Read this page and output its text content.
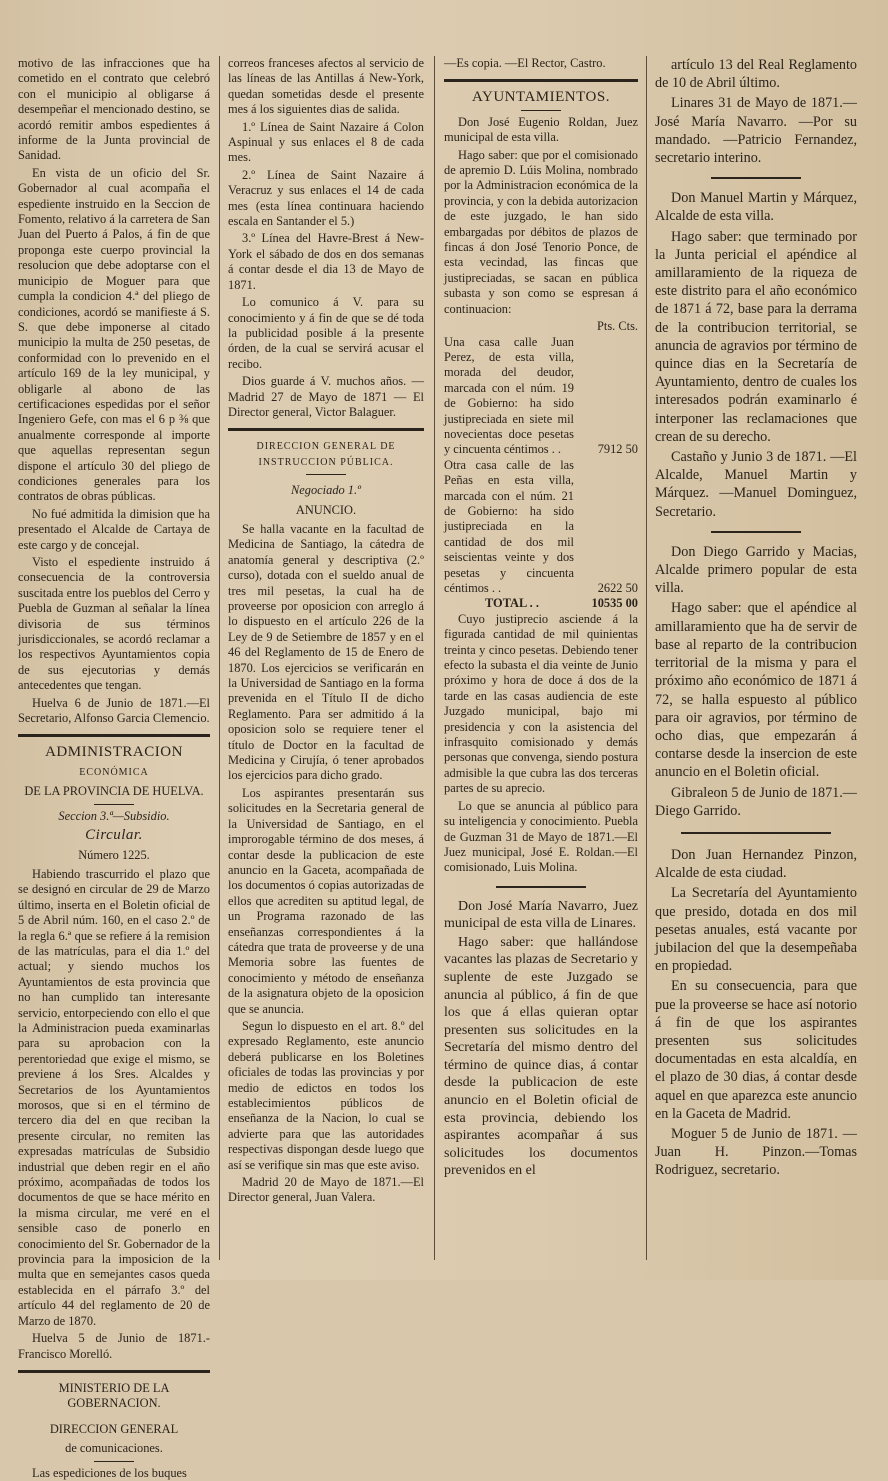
motivo de las infracciones que ha cometido en el contrato que celebró con el municipio al obligarse á desempeñar el mencionado destino, se acordó remitir ambos espedientes á informe de la Junta provincial de Sanidad.

En vista de un oficio del Sr. Gobernador al cual acompaña el espediente instruido en la Seccion de Fomento, relativo á la carretera de San Juan del Puerto á Palos, á fin de que proponga este cuerpo provincial la resolucion que debe adoptarse con el municipio de Moguer para que cumpla la condicion 4.ª del pliego de condiciones, acordó se manifieste á S. S. que debe imponerse al citado municipio la multa de 250 pesetas, de conformidad con lo prevenido en el artículo 169 de la ley municipal, y obligarle al abono de las certificaciones espedidas por el señor Ingeniero Gefe, con mas el 6 p ⅜ que anualmente corresponde al importe que aquellas representan segun dispone el artículo 30 del pliego de condiciones generales para los contratos de obras públicas.

No fué admitida la dimision que ha presentado el Alcalde de Cartaya de este cargo y de concejal.

Visto el espediente instruido á consecuencia de la controversia suscitada entre los pueblos del Cerro y Puebla de Guzman al señalar la línea divisoria de sus términos jurisdiccionales, se acordó reclamar a los respectivos Ayuntamientos copia de sus ejecutorias y demás antecedentes que tengan.

Huelva 6 de Junio de 1871.—El Secretario, Alfonso Garcia Clemencio.

ADMINISTRACION
ECONÓMICA
DE LA PROVINCIA DE HUELVA.
Seccion 3.ª—Subsidio.
Circular.
Número 1225.

Habiendo trascurrido el plazo que se designó en circular de 29 de Marzo último, inserta en el Boletin oficial de 5 de Abril núm. 160, en el caso 2.º de la regla 6.ª que se refiere á la remision de las matrículas, para el dia 1.º del actual; y siendo muchos los Ayuntamientos de esta provincia que no han cumplido tan interesante servicio, entorpeciendo con ello el que la Administracion pueda examinarlas para su aprobacion con la perentoriedad que exige el mismo, se previene á los Sres. Alcaldes y Secretarios de los Ayuntamientos morosos, que si en el término de tercero dia del en que reciban la presente circular, no remiten las expresadas matrículas de Subsidio industrial que deben regir en el año próximo, acompañadas de todos los documentos de que se hace mérito en la misma circular, me veré en el sensible caso de ponerlo en conocimiento del Sr. Gobernador de la provincia para la imposicion de la multa que en semejantes casos queda establecida en el párrafo 3.º del artículo 44 del reglamento de 20 de Marzo de 1870.

Huelva 5 de Junio de 1871.-Francisco Morelló.

MINISTERIO DE LA GOBERNACION.
DIRECCION GENERAL
de comunicaciones.

Las espediciones de los buques

correos franceses afectos al servicio de las líneas de las Antillas á New-York, quedan sometidas desde el presente mes á los siguientes dias de salida.

1.º Línea de Saint Nazaire á Colon Aspinual y sus enlaces el 8 de cada mes.

2.º Línea de Saint Nazaire á Veracruz y sus enlaces el 14 de cada mes (esta línea continuara haciendo escala en Santander el 5.)

3.º Línea del Havre-Brest á New-York el sábado de dos en dos semanas á contar desde el dia 13 de Mayo de 1871.

Lo comunico á V. para su conocimiento y á fin de que se dé toda la publicidad posible á la presente órden, de la cual se servirá acusar el recibo.

Dios guarde á V. muchos años. —Madrid 27 de Mayo de 1871 — El Director general, Victor Balaguer.

DIRECCION GENERAL DE INSTRUCCION PÚBLICA.
Negociado 1.º
ANUNCIO.

Se halla vacante en la facultad de Medicina de Santiago, la cátedra de anatomía general y descriptiva (2.º curso), dotada con el sueldo anual de tres mil pesetas, la cual ha de proveerse por oposicion con arreglo á lo dispuesto en el artículo 226 de la Ley de 9 de Setiembre de 1857 y en el 46 del Reglamento de 15 de Enero de 1870. Los ejercicios se verificarán en la Universidad de Santiago en la forma prevenida en el Título II de dicho Reglamento. Para ser admitido á la oposicion solo se requiere tener el título de Doctor en la facultad de Medicina y Cirujía, ó tener aprobados los ejercicios para dicho grado.

Los aspirantes presentarán sus solicitudes en la Secretaria general de la Universidad de Santiago, en el improrogable término de dos meses, á contar desde la publicacion de este anuncio en la Gaceta, acompañada de los documentos ó copias autorizadas de ellos que acrediten su aptitud legal, de un Programa razonado de las enseñanzas correspondientes á la cátedra que trata de proveerse y de una Memoria sobre las fuentes de conocimiento y método de enseñanza de la asignatura objeto de la oposicion que se anuncia.

Segun lo dispuesto en el art. 8.º del expresado Reglamento, este anuncio deberá publicarse en los Boletines oficiales de todas las provincias y por medio de edictos en todos los establecimientos públicos de enseñanza de la Nacion, lo cual se advierte para que las autoridades respectivas dispongan desde luego que así se verifique sin mas que este aviso.

Madrid 20 de Mayo de 1871.—El Director general, Juan Valera.

—Es copia. —El Rector, Castro.

AYUNTAMIENTOS.

Don José Eugenio Roldan, Juez municipal de esta villa.

Hago saber: que por el comisionado de apremio D. Lúis Molina, nombrado por la Administracion económica de la provincia, y con la debida autorizacion de este juzgado, le han sido embargadas por débitos de plazos de fincas á don José Tenorio Ponce, de esta vecindad, las fincas que justipreciadas, se sacan en pública subasta y son como se espresan á continuacion:

	Pts. Cts.
Una casa calle Juan Perez, de esta villa, morada del deudor, marcada con el núm. 19 de Gobierno: ha sido justipreciada en siete mil novecientas doce pesetas y cincuenta céntimos . .	7912 50
Otra casa calle de las Peñas en esta villa, marcada con el núm. 21 de Gobierno: ha sido justipreciada en la cantidad de dos mil seiscientas veinte y dos pesetas y cincuenta céntimos . .	2622 50
TOTAL . .	10535 00

Cuyo justiprecio asciende á la figurada cantidad de mil quinientas treinta y cinco pesetas. Debiendo tener efecto la subasta el dia veinte de Junio próximo y hora de doce á dos de la tarde en las casas audiencia de este Juzgado municipal, bajo mi presidencia y con la asistencia del infrasquito comisionado y demás personas que convenga, siendo postura admisible la que cubra las dos terceras partes de su aprecio.

Lo que se anuncia al público para su inteligencia y conocimiento. Puebla de Guzman 31 de Mayo de 1871.—El Juez municipal, José E. Roldan.—El comisionado, Luis Molina.

Don José María Navarro, Juez municipal de esta villa de Linares.

Hago saber: que hallándose vacantes las plazas de Secretario y suplente de este Juzgado se anuncia al público, á fin de que los que á ellas quieran optar presenten sus solicitudes en la Secretaría del mismo dentro del término de quince dias, á contar desde la publicacion de este anuncio en el Boletin oficial de esta provincia, debiendo los aspirantes acompañar á sus solicitudes los documentos prevenidos en el

artículo 13 del Real Reglamento de 10 de Abril último.

Linares 31 de Mayo de 1871.—José María Navarro. —Por su mandado. —Patricio Fernandez, secretario interino.

Don Manuel Martin y Márquez, Alcalde de esta villa.

Hago saber: que terminado por la Junta pericial el apéndice al amillaramiento de la riqueza de este distrito para el año económico de 1871 á 72, base para la derrama de la contribucion territorial, se anuncia de agravios por término de quince dias en la Secretaría de Ayuntamiento, dentro de cuales los interesados podrán examinarlo é interponer las reclamaciones que crean de su derecho.

Castaño y Junio 3 de 1871. —El Alcalde, Manuel Martin y Márquez. —Manuel Dominguez, Secretario.

Don Diego Garrido y Macias, Alcalde primero popular de esta villa.

Hago saber: que el apéndice al amillaramiento que ha de servir de base al reparto de la contribucion territorial de la misma y para el próximo año económico de 1871 á 72, se halla espuesto al público para oir agravios, por término de ocho dias, que empezarán á contarse desde la insercion de este anuncio en el Boletin oficial.

Gibraleon 5 de Junio de 1871.—Diego Garrido.

Don Juan Hernandez Pinzon, Alcalde de esta ciudad.

La Secretaría del Ayuntamiento que presido, dotada en dos mil pesetas anuales, está vacante por jubilacion del que la desempeñaba en propiedad.

En su consecuencia, para que pue la proveerse se hace así notorio á fin de que los aspirantes presenten sus solicitudes documentadas en esta alcaldía, en el plazo de 30 dias, á contar desde aquel en que aparezca este anuncio en la Gaceta de Madrid.

Moguer 5 de Junio de 1871. —Juan H. Pinzon.—Tomas Rodriguez, secretario.
